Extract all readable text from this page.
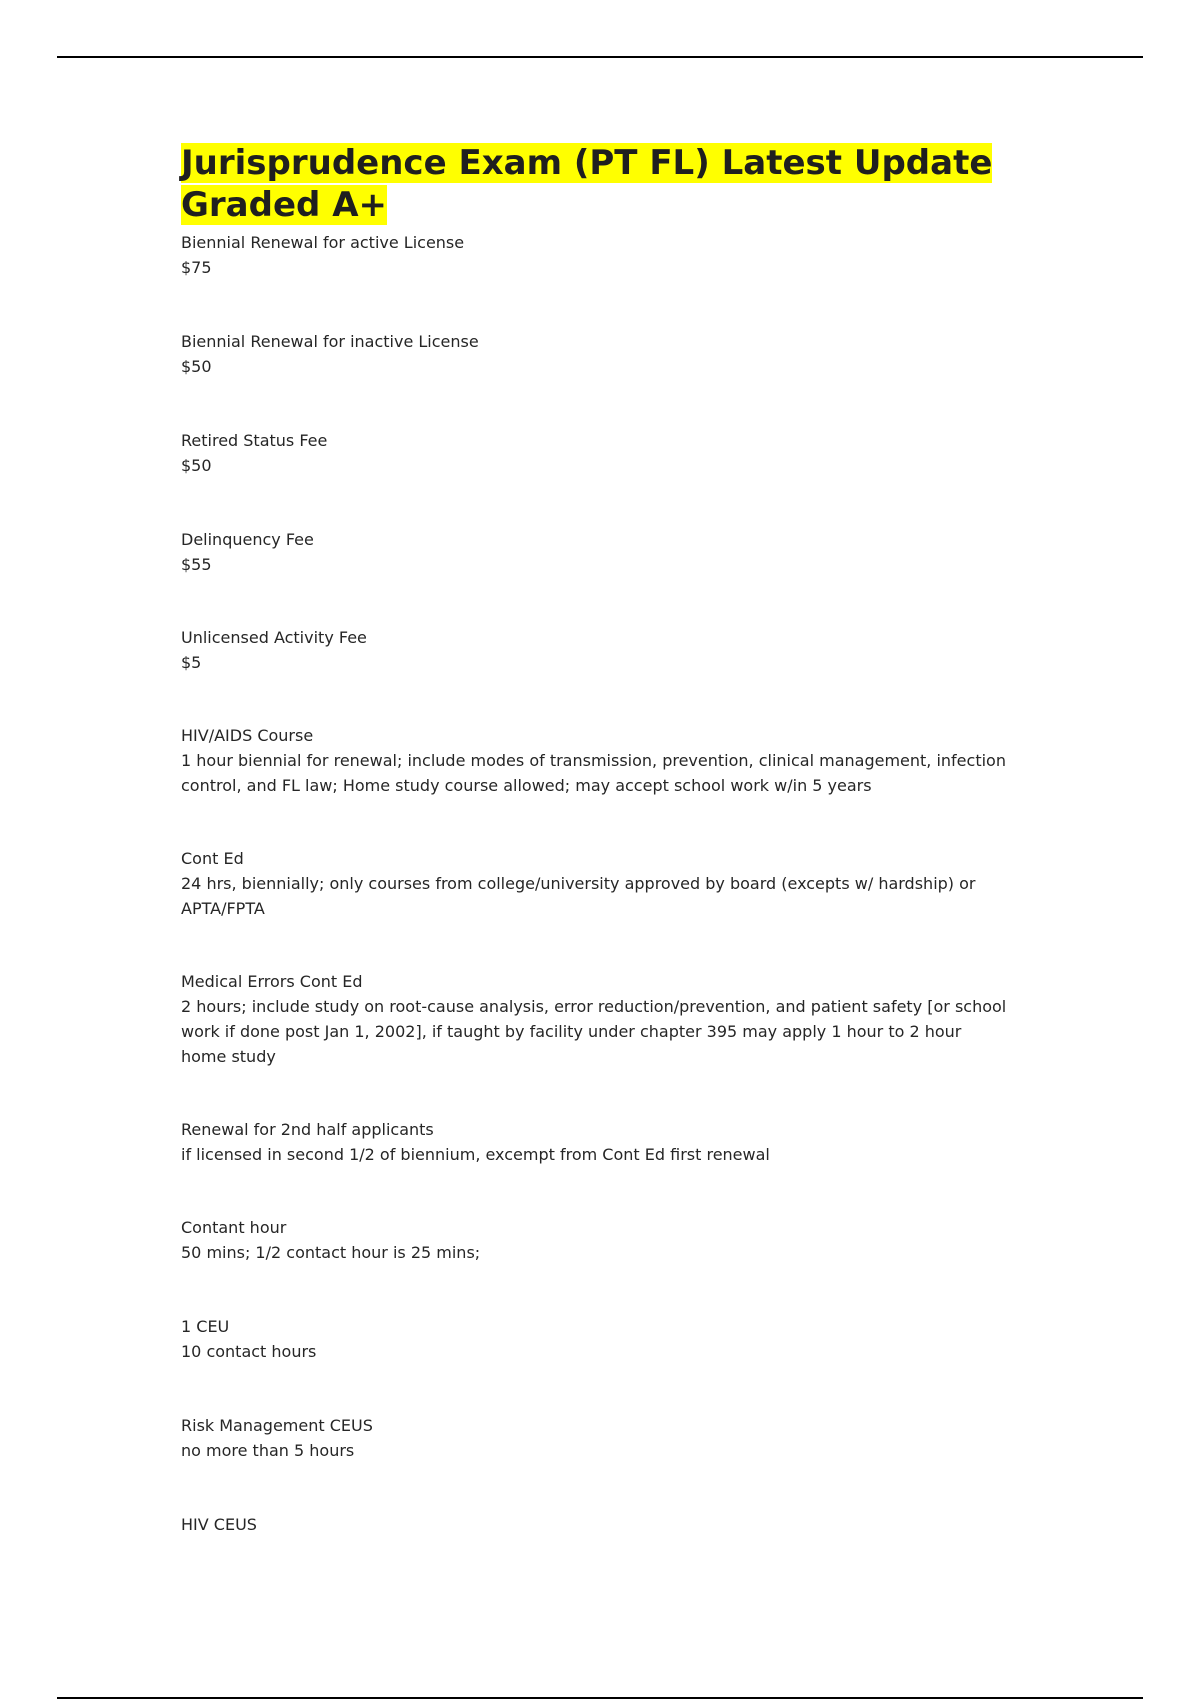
Jurisprudence Exam (PT FL) Latest Update Graded A+
Biennial Renewal for active License
$75
Biennial Renewal for inactive License
$50
Retired Status Fee
$50
Delinquency Fee
$55
Unlicensed Activity Fee
$5
HIV/AIDS Course
1 hour biennial for renewal; include modes of transmission, prevention, clinical management, infection control, and FL law; Home study course allowed; may accept school work w/in 5 years
Cont Ed
24 hrs, biennially; only courses from college/university approved by board (excepts w/ hardship) or APTA/FPTA
Medical Errors Cont Ed
2 hours; include study on root-cause analysis, error reduction/prevention, and patient safety [or school work if done post Jan 1, 2002], if taught by facility under chapter 395 may apply 1 hour to 2 hour home study
Renewal for 2nd half applicants
if licensed in second 1/2 of biennium, excempt from Cont Ed first renewal
Contant hour
50 mins; 1/2 contact hour is 25 mins;
1 CEU
10 contact hours
Risk Management CEUS
no more than 5 hours
HIV CEUS
